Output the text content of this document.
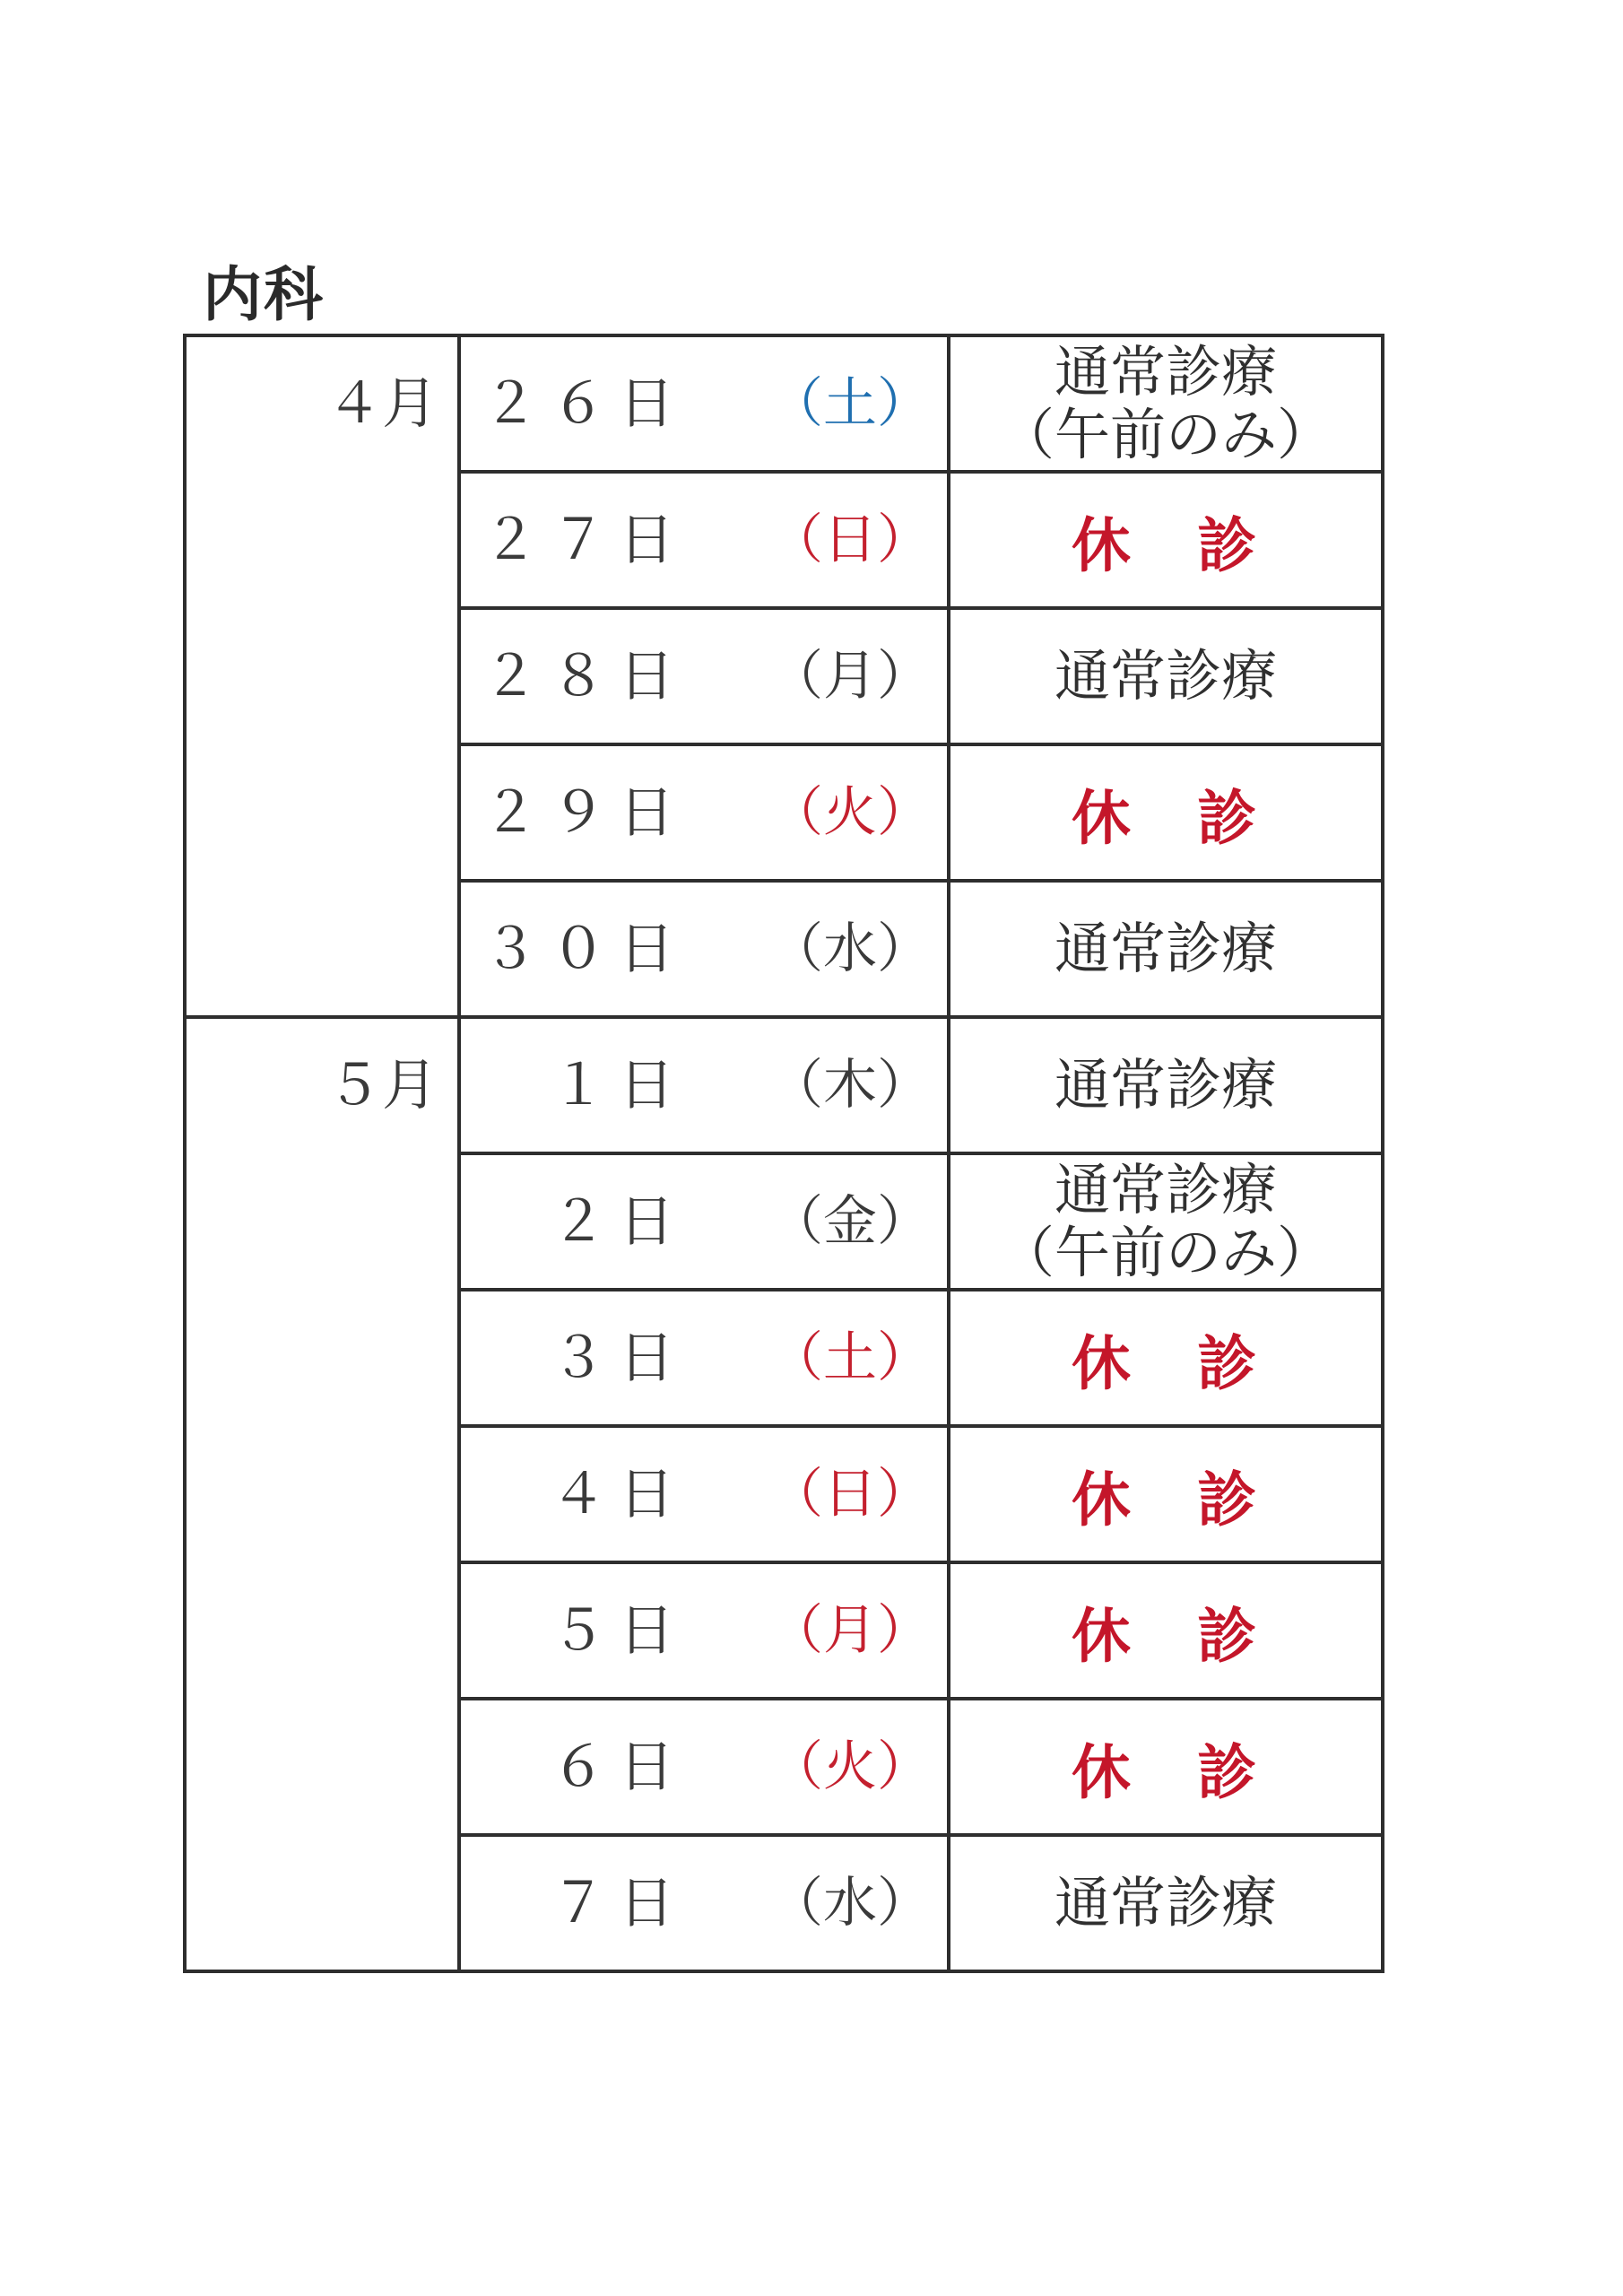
内科
４月	２６日 （土）	通常診療
（午前のみ）

	２７日 （日）	休　診

	２８日 （月）	通常診療

	２９日 （火）	休　診

	３０日 （水）	通常診療
５月	１日 （木）	通常診療

	２日 （金）	通常診療
（午前のみ）

	３日 （土）	休　診

	４日 （日）	休　診

	５日 （月）	休　診

	６日 （火）	休　診

	７日 （水）	通常診療
